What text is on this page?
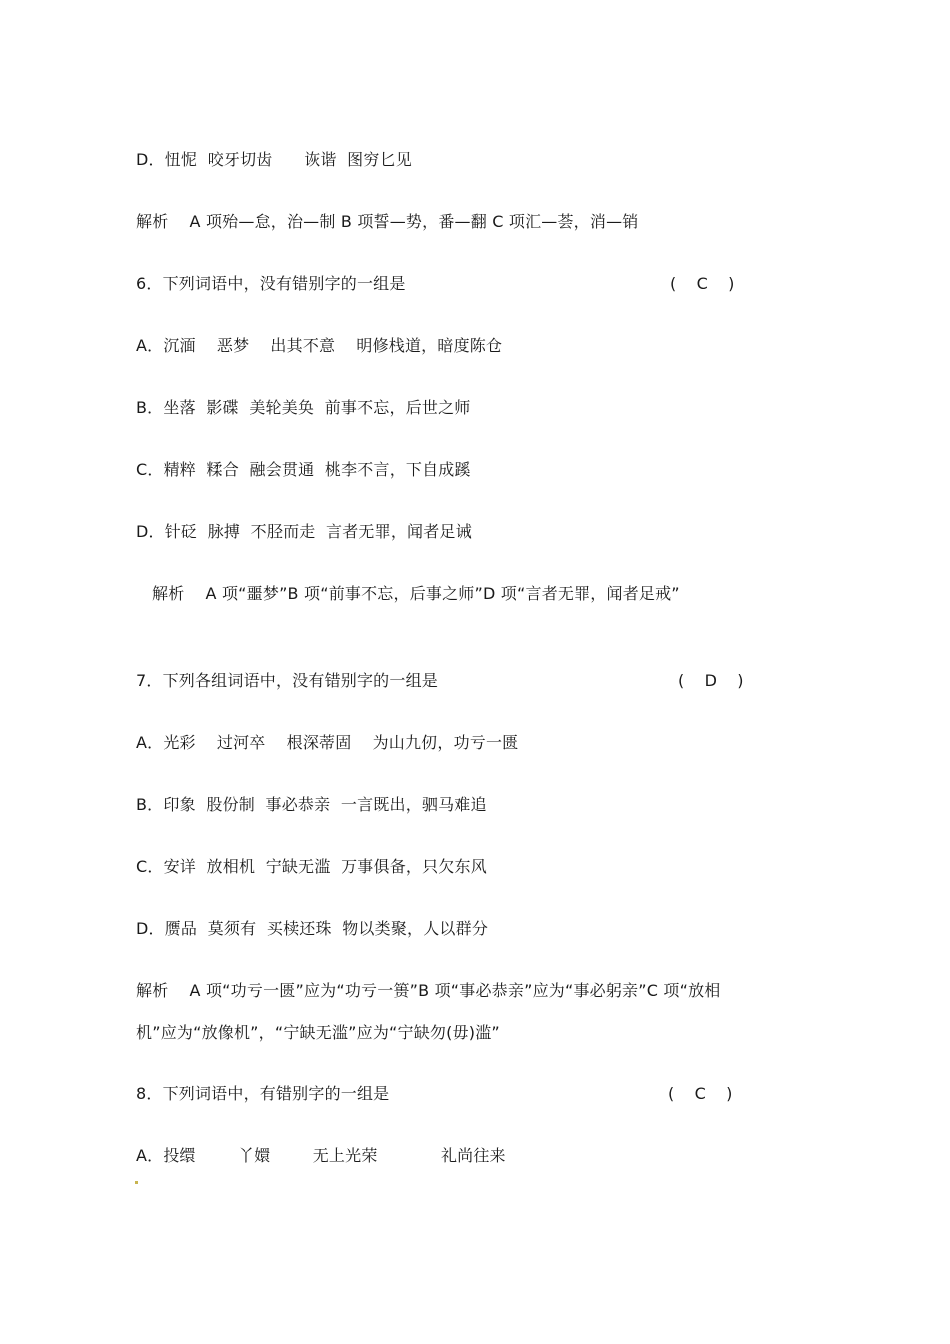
D．忸怩  咬牙切齿      诙谐  图穷匕见
解析    A 项殆—怠，治—制 B 项誓—势，番—翻 C 项汇—荟，消—销
6．下列词语中，没有错别字的一组是	(    C    )
A．沉湎    恶梦    出其不意    明修栈道，暗度陈仓
B．坐落  影碟  美轮美奂  前事不忘，后世之师
C．精粹  糅合  融会贯通  桃李不言，下自成蹊
D．针砭  脉搏  不胫而走  言者无罪，闻者足诫
解析    A 项“噩梦”B 项“前事不忘，后事之师”D 项“言者无罪，闻者足戒”
7．下列各组词语中，没有错别字的一组是	(    D    )
A．光彩    过河卒    根深蒂固    为山九仞，功亏一匮
B．印象  股份制  事必恭亲  一言既出，驷马难追
C．安详  放相机  宁缺无滥  万事俱备，只欠东风
D．赝品  莫须有  买椟还珠  物以类聚，人以群分
解析    A 项“功亏一匮”应为“功亏一篑”B 项“事必恭亲”应为“事必躬亲”C 项“放相
机”应为“放像机”，“宁缺无滥”应为“宁缺勿(毋)滥”
8．下列词语中，有错别字的一组是	(    C    )
A．投缳        丫嬛        无上光荣            礼尚往来
